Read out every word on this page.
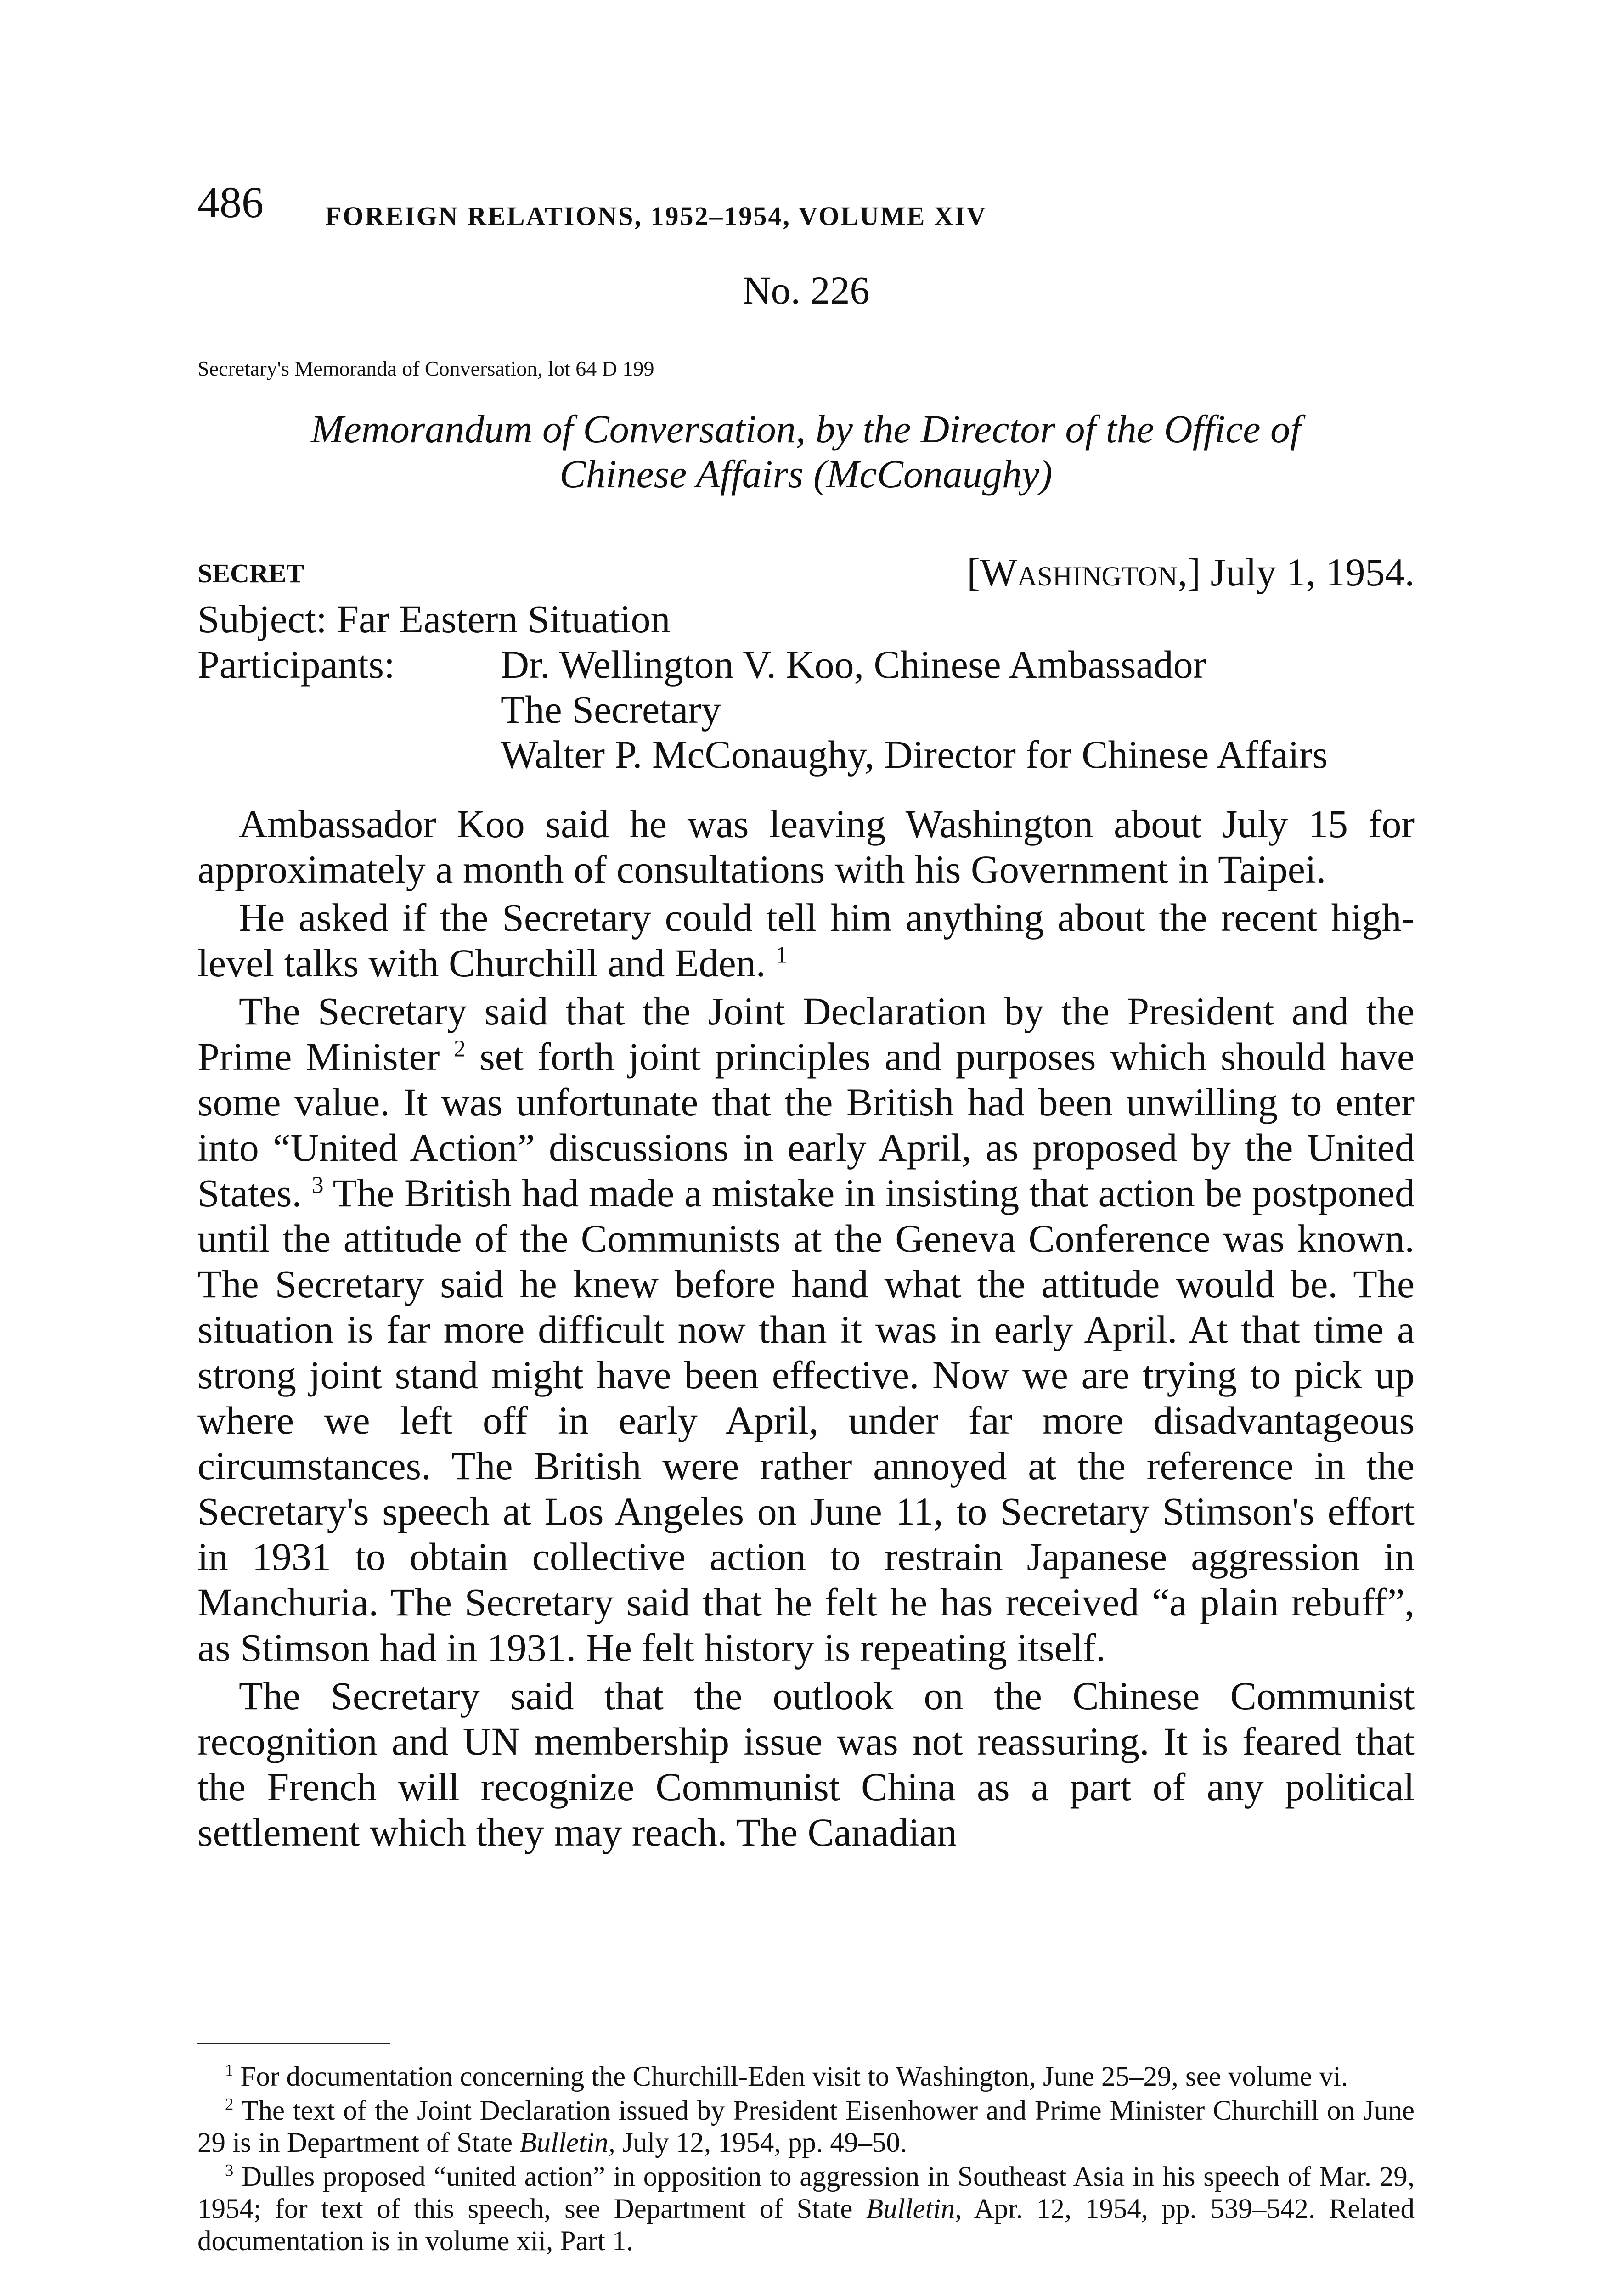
486 FOREIGN RELATIONS, 1952–1954, VOLUME XIV
No. 226
Secretary's Memoranda of Conversation, lot 64 D 199
Memorandum of Conversation, by the Director of the Office of
Chinese Affairs (McConaughy)
SECRET	[Washington,] July 1, 1954.
Subject: Far Eastern Situation
Participants:	Dr. Wellington V. Koo, Chinese Ambassador
The Secretary
Walter P. McConaughy, Director for Chinese Affairs

Ambassador Koo said he was leaving Washington about July 15 for approximately a month of consultations with his Government in Taipei.

He asked if the Secretary could tell him anything about the recent high-level talks with Churchill and Eden. $^1$

The Secretary said that the Joint Declaration by the President and the Prime Minister $^2$ set forth joint principles and purposes which should have some value. It was unfortunate that the British had been unwilling to enter into “United Action” discussions in early April, as proposed by the United States. $^3$ The British had made a mistake in insisting that action be postponed until the attitude of the Communists at the Geneva Conference was known. The Secretary said he knew before hand what the attitude would be. The situation is far more difficult now than it was in early April. At that time a strong joint stand might have been effective. Now we are trying to pick up where we left off in early April, under far more disadvantageous circumstances. The British were rather annoyed at the reference in the Secretary's speech at Los Angeles on June 11, to Secretary Stimson's effort in 1931 to obtain collective action to restrain Japanese aggression in Manchuria. The Secretary said that he felt he has received “a plain rebuff”, as Stimson had in 1931. He felt history is repeating itself.

The Secretary said that the outlook on the Chinese Communist recognition and UN membership issue was not reassuring. It is feared that the French will recognize Communist China as a part of any political settlement which they may reach. The Canadian

$^1$ For documentation concerning the Churchill-Eden visit to Washington, June 25–29, see volume vi.

$^2$ The text of the Joint Declaration issued by President Eisenhower and Prime Minister Churchill on June 29 is in Department of State Bulletin, July 12, 1954, pp. 49–50.

$^3$ Dulles proposed “united action” in opposition to aggression in Southeast Asia in his speech of Mar. 29, 1954; for text of this speech, see Department of State Bulletin, Apr. 12, 1954, pp. 539–542. Related documentation is in volume xii, Part 1.
